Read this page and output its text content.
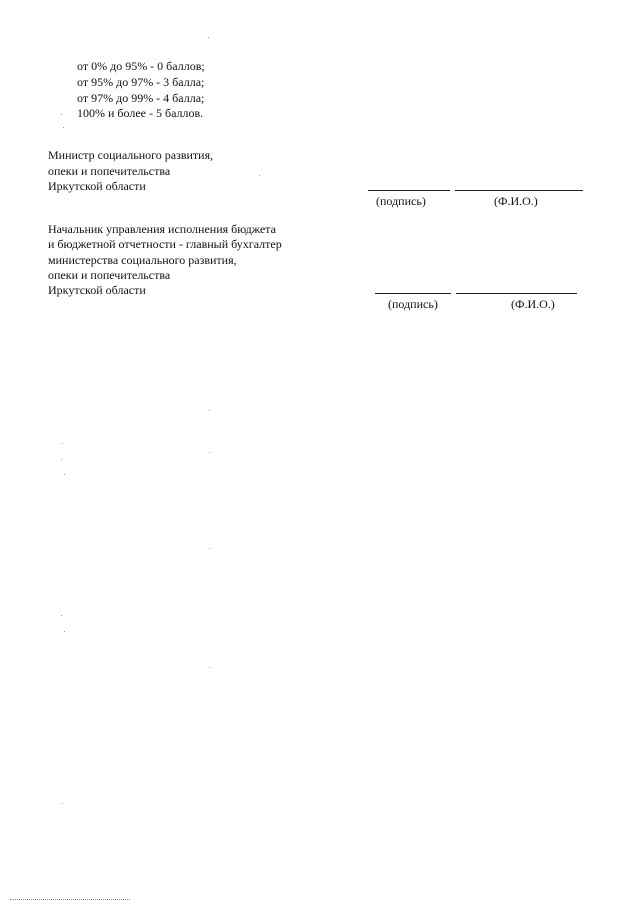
от 0% до 95% - 0 баллов;
от 95% до 97% - 3 балла;
от 97% до 99% - 4 балла;
100% и более - 5 баллов.
Министр социального развития,
опеки и попечительства
Иркутской области
(подпись)	(Ф.И.О.)
Начальник управления исполнения бюджета
и бюджетной отчетности - главный бухгалтер
министерства социального развития,
опеки и попечительства
Иркутской области
(подпись)	(Ф.И.О.)
